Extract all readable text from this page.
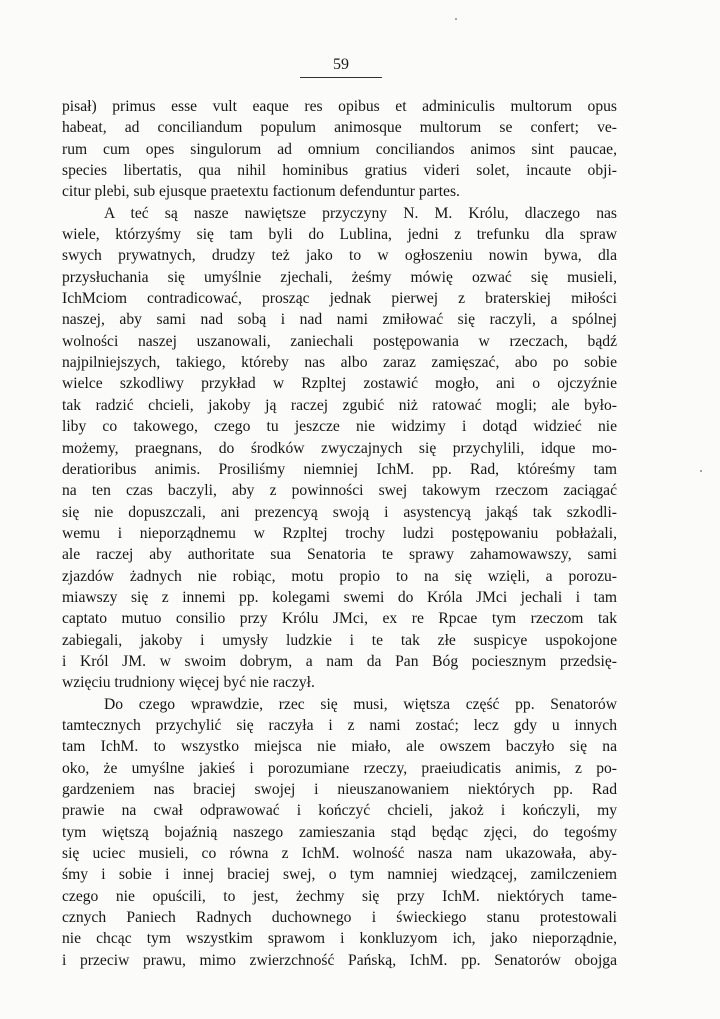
59
pisał) primus esse vult eaque res opibus et adminiculis multorum opus
habeat, ad conciliandum populum animosque multorum se confert; ve-
rum cum opes singulorum ad omnium conciliandos animos sint paucae,
species libertatis, qua nihil hominibus gratius videri solet, incaute obji-
citur plebi, sub ejusque praetextu factionum defenduntur partes.
A teć są nasze nawiętsze przyczyny N. M. Królu, dlaczego nas
wiele, którzyśmy się tam byli do Lublina, jedni z trefunku dla spraw
swych prywatnych, drudzy też jako to w ogłoszeniu nowin bywa, dla
przysłuchania się umyślnie zjechali, żeśmy mówię ozwać się musieli,
IchMciom contradicować, prosząc jednak pierwej z braterskiej miłości
naszej, aby sami nad sobą i nad nami zmiłować się raczyli, a spólnej
wolności naszej uszanowali, zaniechali postępowania w rzeczach, bądź
najpilniejszych, takiego, któreby nas albo zaraz zamięszać, abo po sobie
wielce szkodliwy przykład w Rzpltej zostawić mogło, ani o ojczyźnie
tak radzić chcieli, jakoby ją raczej zgubić niż ratować mogli; ale było-
liby co takowego, czego tu jeszcze nie widzimy i dotąd widzieć nie
możemy, praegnans, do środków zwyczajnych się przychylili, idque mo-
deratioribus animis. Prosiliśmy niemniej IchM. pp. Rad, któreśmy tam
na ten czas baczyli, aby z powinności swej takowym rzeczom zaciągać
się nie dopuszczali, ani prezencyą swoją i asystencyą jakąś tak szkodli-
wemu i nieporządnemu w Rzpltej trochy ludzi postępowaniu pobłażali,
ale raczej aby authoritate sua Senatoria te sprawy zahamowawszy, sami
zjazdów żadnych nie robiąc, motu propio to na się wzięli, a porozu-
miawszy się z innemi pp. kolegami swemi do Króla JMci jechali i tam
captato mutuo consilio przy Królu JMci, ex re Rpcae tym rzeczom tak
zabiegali, jakoby i umysły ludzkie i te tak złe suspicye uspokojone
i Król JM. w swoim dobrym, a nam da Pan Bóg pociesznym przedsię-
wzięciu trudniony więcej być nie raczył.
Do czego wprawdzie, rzec się musi, więtsza część pp. Senatorów
tamtecznych przychylić się raczyła i z nami zostać; lecz gdy u innych
tam IchM. to wszystko miejsca nie miało, ale owszem baczyło się na
oko, że umyślne jakieś i porozumiane rzeczy, praeiudicatis animis, z po-
gardzeniem nas braciej swojej i nieuszanowaniem niektórych pp. Rad
prawie na cwał odprawować i kończyć chcieli, jakoż i kończyli, my
tym więtszą bojaźnią naszego zamieszania stąd będąc zjęci, do tegośmy
się uciec musieli, co równa z IchM. wolność nasza nam ukazowała, aby-
śmy i sobie i innej braciej swej, o tym namniej wiedzącej, zamilczeniem
czego nie opuścili, to jest, żechmy się przy IchM. niektórych tame-
cznych Paniech Radnych duchownego i świeckiego stanu protestowali
nie chcąc tym wszystkim sprawom i konkluzyom ich, jako nieporządnie,
i przeciw prawu, mimo zwierzchność Pańską, IchM. pp. Senatorów obojga
